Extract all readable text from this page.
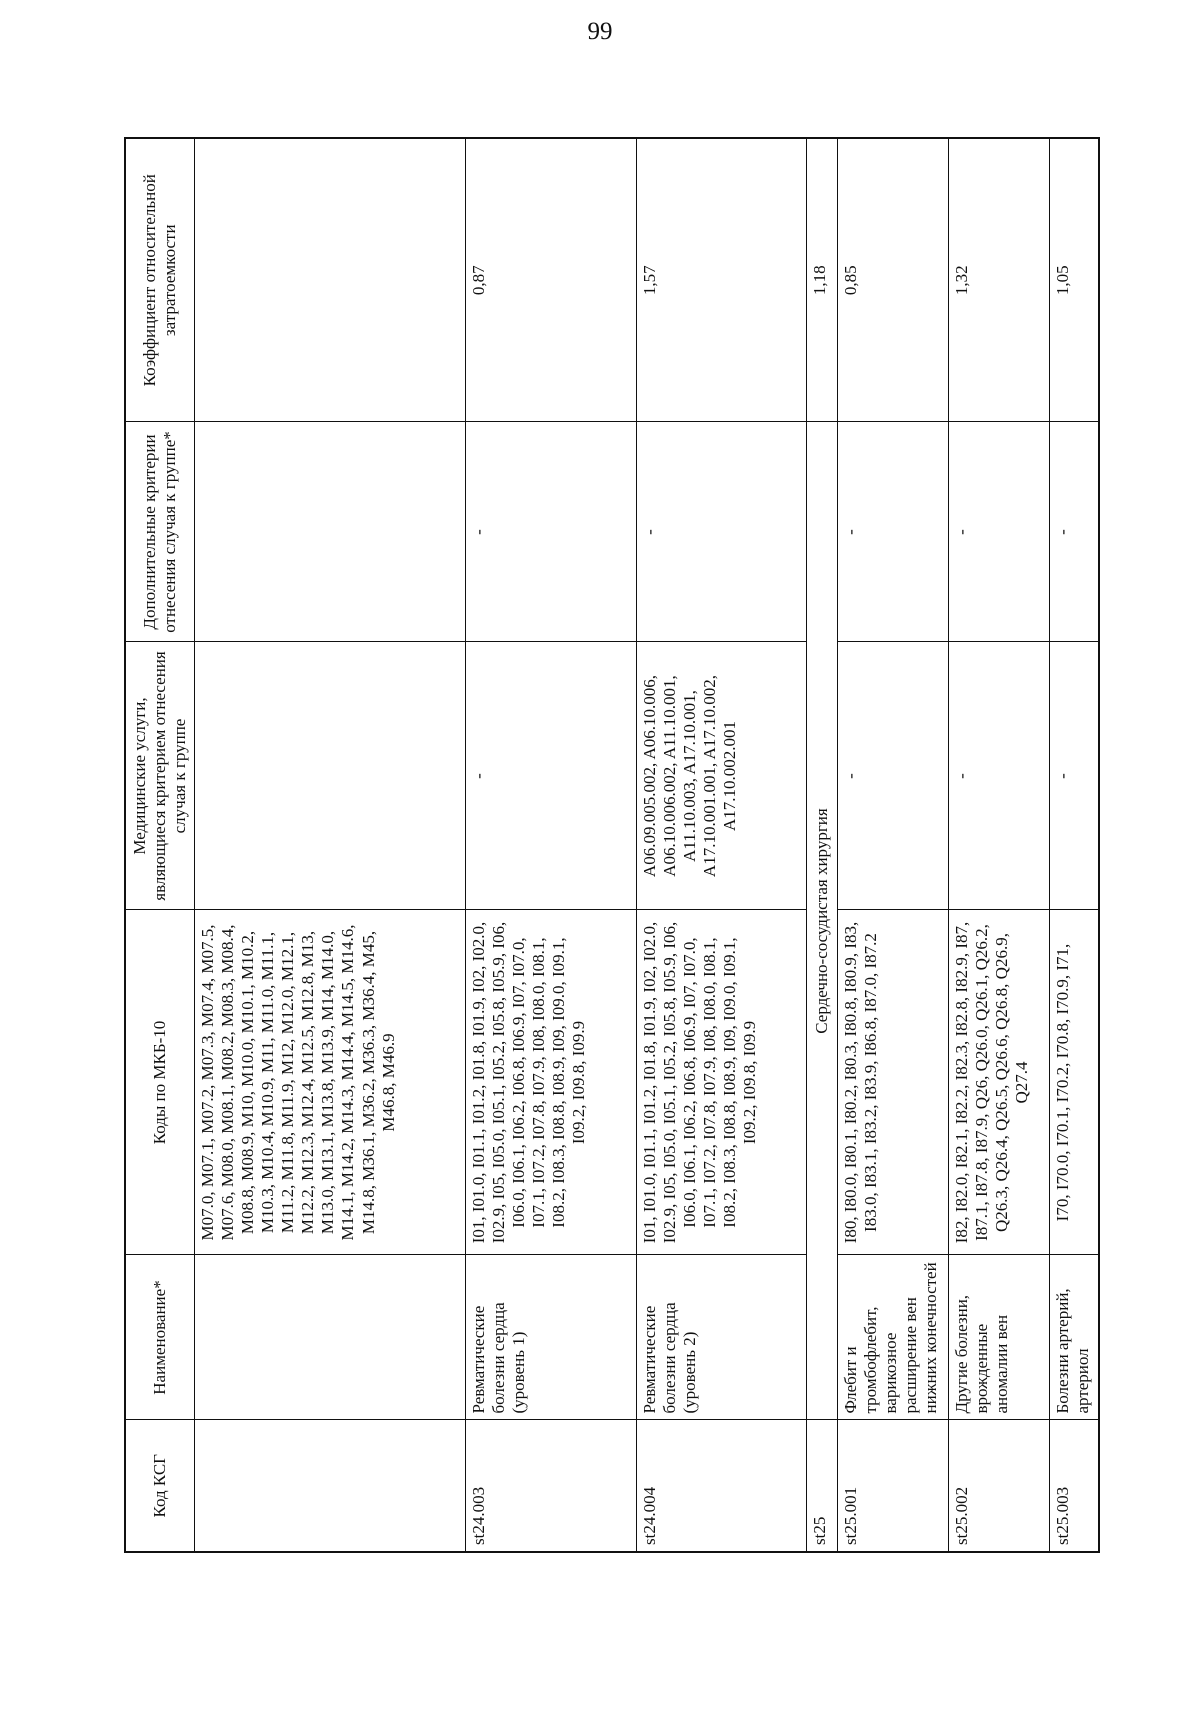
99
Код КСГ	Наименование*	Коды по МКБ-10	Медицинские услуги, являющиеся критерием отнесения случая к группе	Дополнительные критерии отнесения случая к группе*	Коэффициент относительной затратоемкости
		M07.0, M07.1, M07.2, M07.3, M07.4, M07.5, M07.6, M08.0, M08.1, M08.2, M08.3, M08.4, M08.8, M08.9, M10, M10.0, M10.1, M10.2, M10.3, M10.4, M10.9, M11, M11.0, M11.1, M11.2, M11.8, M11.9, M12, M12.0, M12.1, M12.2, M12.3, M12.4, M12.5, M12.8, M13, M13.0, M13.1, M13.8, M13.9, M14, M14.0, M14.1, M14.2, M14.3, M14.4, M14.5, M14.6, M14.8, M36.1, M36.2, M36.3, M36.4, M45, M46.8, M46.9			
st24.003	Ревматические болезни сердца (уровень 1)	I01, I01.0, I01.1, I01.2, I01.8, I01.9, I02, I02.0, I02.9, I05, I05.0, I05.1, I05.2, I05.8, I05.9, I06, I06.0, I06.1, I06.2, I06.8, I06.9, I07, I07.0, I07.1, I07.2, I07.8, I07.9, I08, I08.0, I08.1, I08.2, I08.3, I08.8, I08.9, I09, I09.0, I09.1, I09.2, I09.8, I09.9	-	-	0,87
st24.004	Ревматические болезни сердца (уровень 2)	I01, I01.0, I01.1, I01.2, I01.8, I01.9, I02, I02.0, I02.9, I05, I05.0, I05.1, I05.2, I05.8, I05.9, I06, I06.0, I06.1, I06.2, I06.8, I06.9, I07, I07.0, I07.1, I07.2, I07.8, I07.9, I08, I08.0, I08.1, I08.2, I08.3, I08.8, I08.9, I09, I09.0, I09.1, I09.2, I09.8, I09.9	A06.09.005.002, A06.10.006, A06.10.006.002, A11.10.001, A11.10.003, A17.10.001, A17.10.001.001, A17.10.002, A17.10.002.001	-	1,57
st25	Сердечно-сосудистая хирургия				1,18
st25.001	Флебит и тромбофлебит, варикозное расширение вен нижних конечностей	I80, I80.0, I80.1, I80.2, I80.3, I80.8, I80.9, I83, I83.0, I83.1, I83.2, I83.9, I86.8, I87.0, I87.2	-	-	0,85
st25.002	Другие болезни, врожденные аномалии вен	I82, I82.0, I82.1, I82.2, I82.3, I82.8, I82.9, I87, I87.1, I87.8, I87.9, Q26, Q26.0, Q26.1, Q26.2, Q26.3, Q26.4, Q26.5, Q26.6, Q26.8, Q26.9, Q27.4	-	-	1,32
st25.003	Болезни артерий, артериол	I70, I70.0, I70.1, I70.2, I70.8, I70.9, I71,	-	-	1,05
